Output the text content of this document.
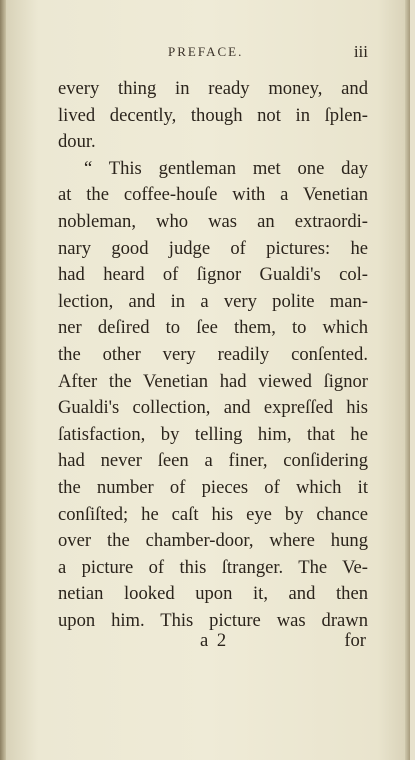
PREFACE.	iii
every thing in ready money, and
lived decently, though not in ſplen-
dour.
“ This gentleman met one day
at the coffee-houſe with a Venetian
nobleman, who was an extraordi-
nary good judge of pictures: he
had heard of ſignor Gualdi's col-
lection, and in a very polite man-
ner deſired to ſee them, to which
the other very readily conſented.
After the Venetian had viewed ſignor
Gualdi's collection, and expreſſed his
ſatisfaction, by telling him, that he
had never ſeen a finer, conſidering
the number of pieces of which it
conſiſted; he caſt his eye by chance
over the chamber-door, where hung
a picture of this ſtranger. The Ve-
netian looked upon it, and then
upon him. This picture was drawn
a 2	for
